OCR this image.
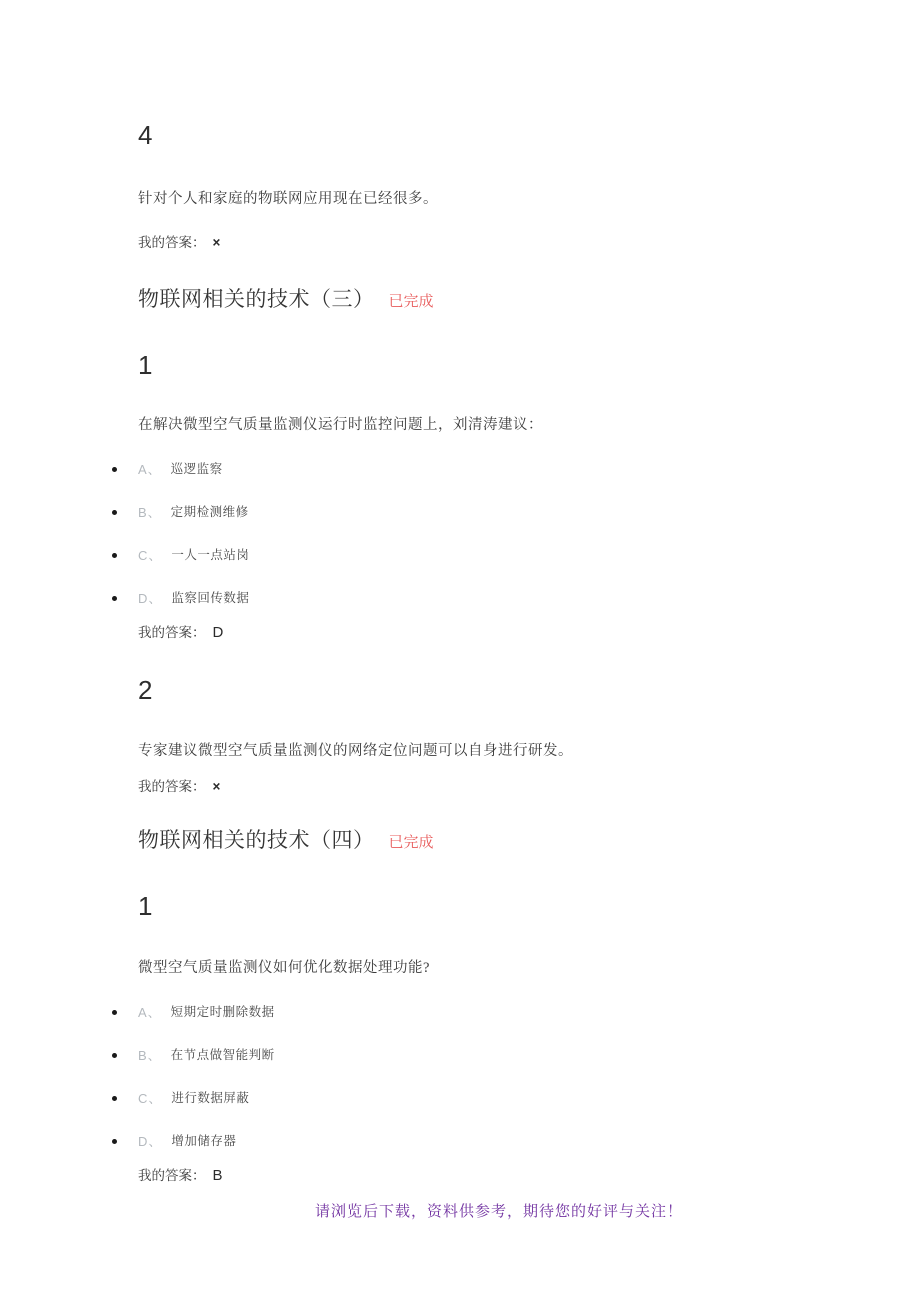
4
针对个人和家庭的物联网应用现在已经很多。
我的答案： ×
物联网相关的技术（三） 已完成
1
在解决微型空气质量监测仪运行时监控问题上，刘清涛建议：
A、 巡逻监察
B、 定期检测维修
C、 一人一点站岗
D、 监察回传数据
我的答案： D
2
专家建议微型空气质量监测仪的网络定位问题可以自身进行研发。
我的答案： ×
物联网相关的技术（四） 已完成
1
微型空气质量监测仪如何优化数据处理功能?
A、 短期定时删除数据
B、 在节点做智能判断
C、 进行数据屏蔽
D、 增加储存器
我的答案： B
请浏览后下载，资料供参考，期待您的好评与关注！
